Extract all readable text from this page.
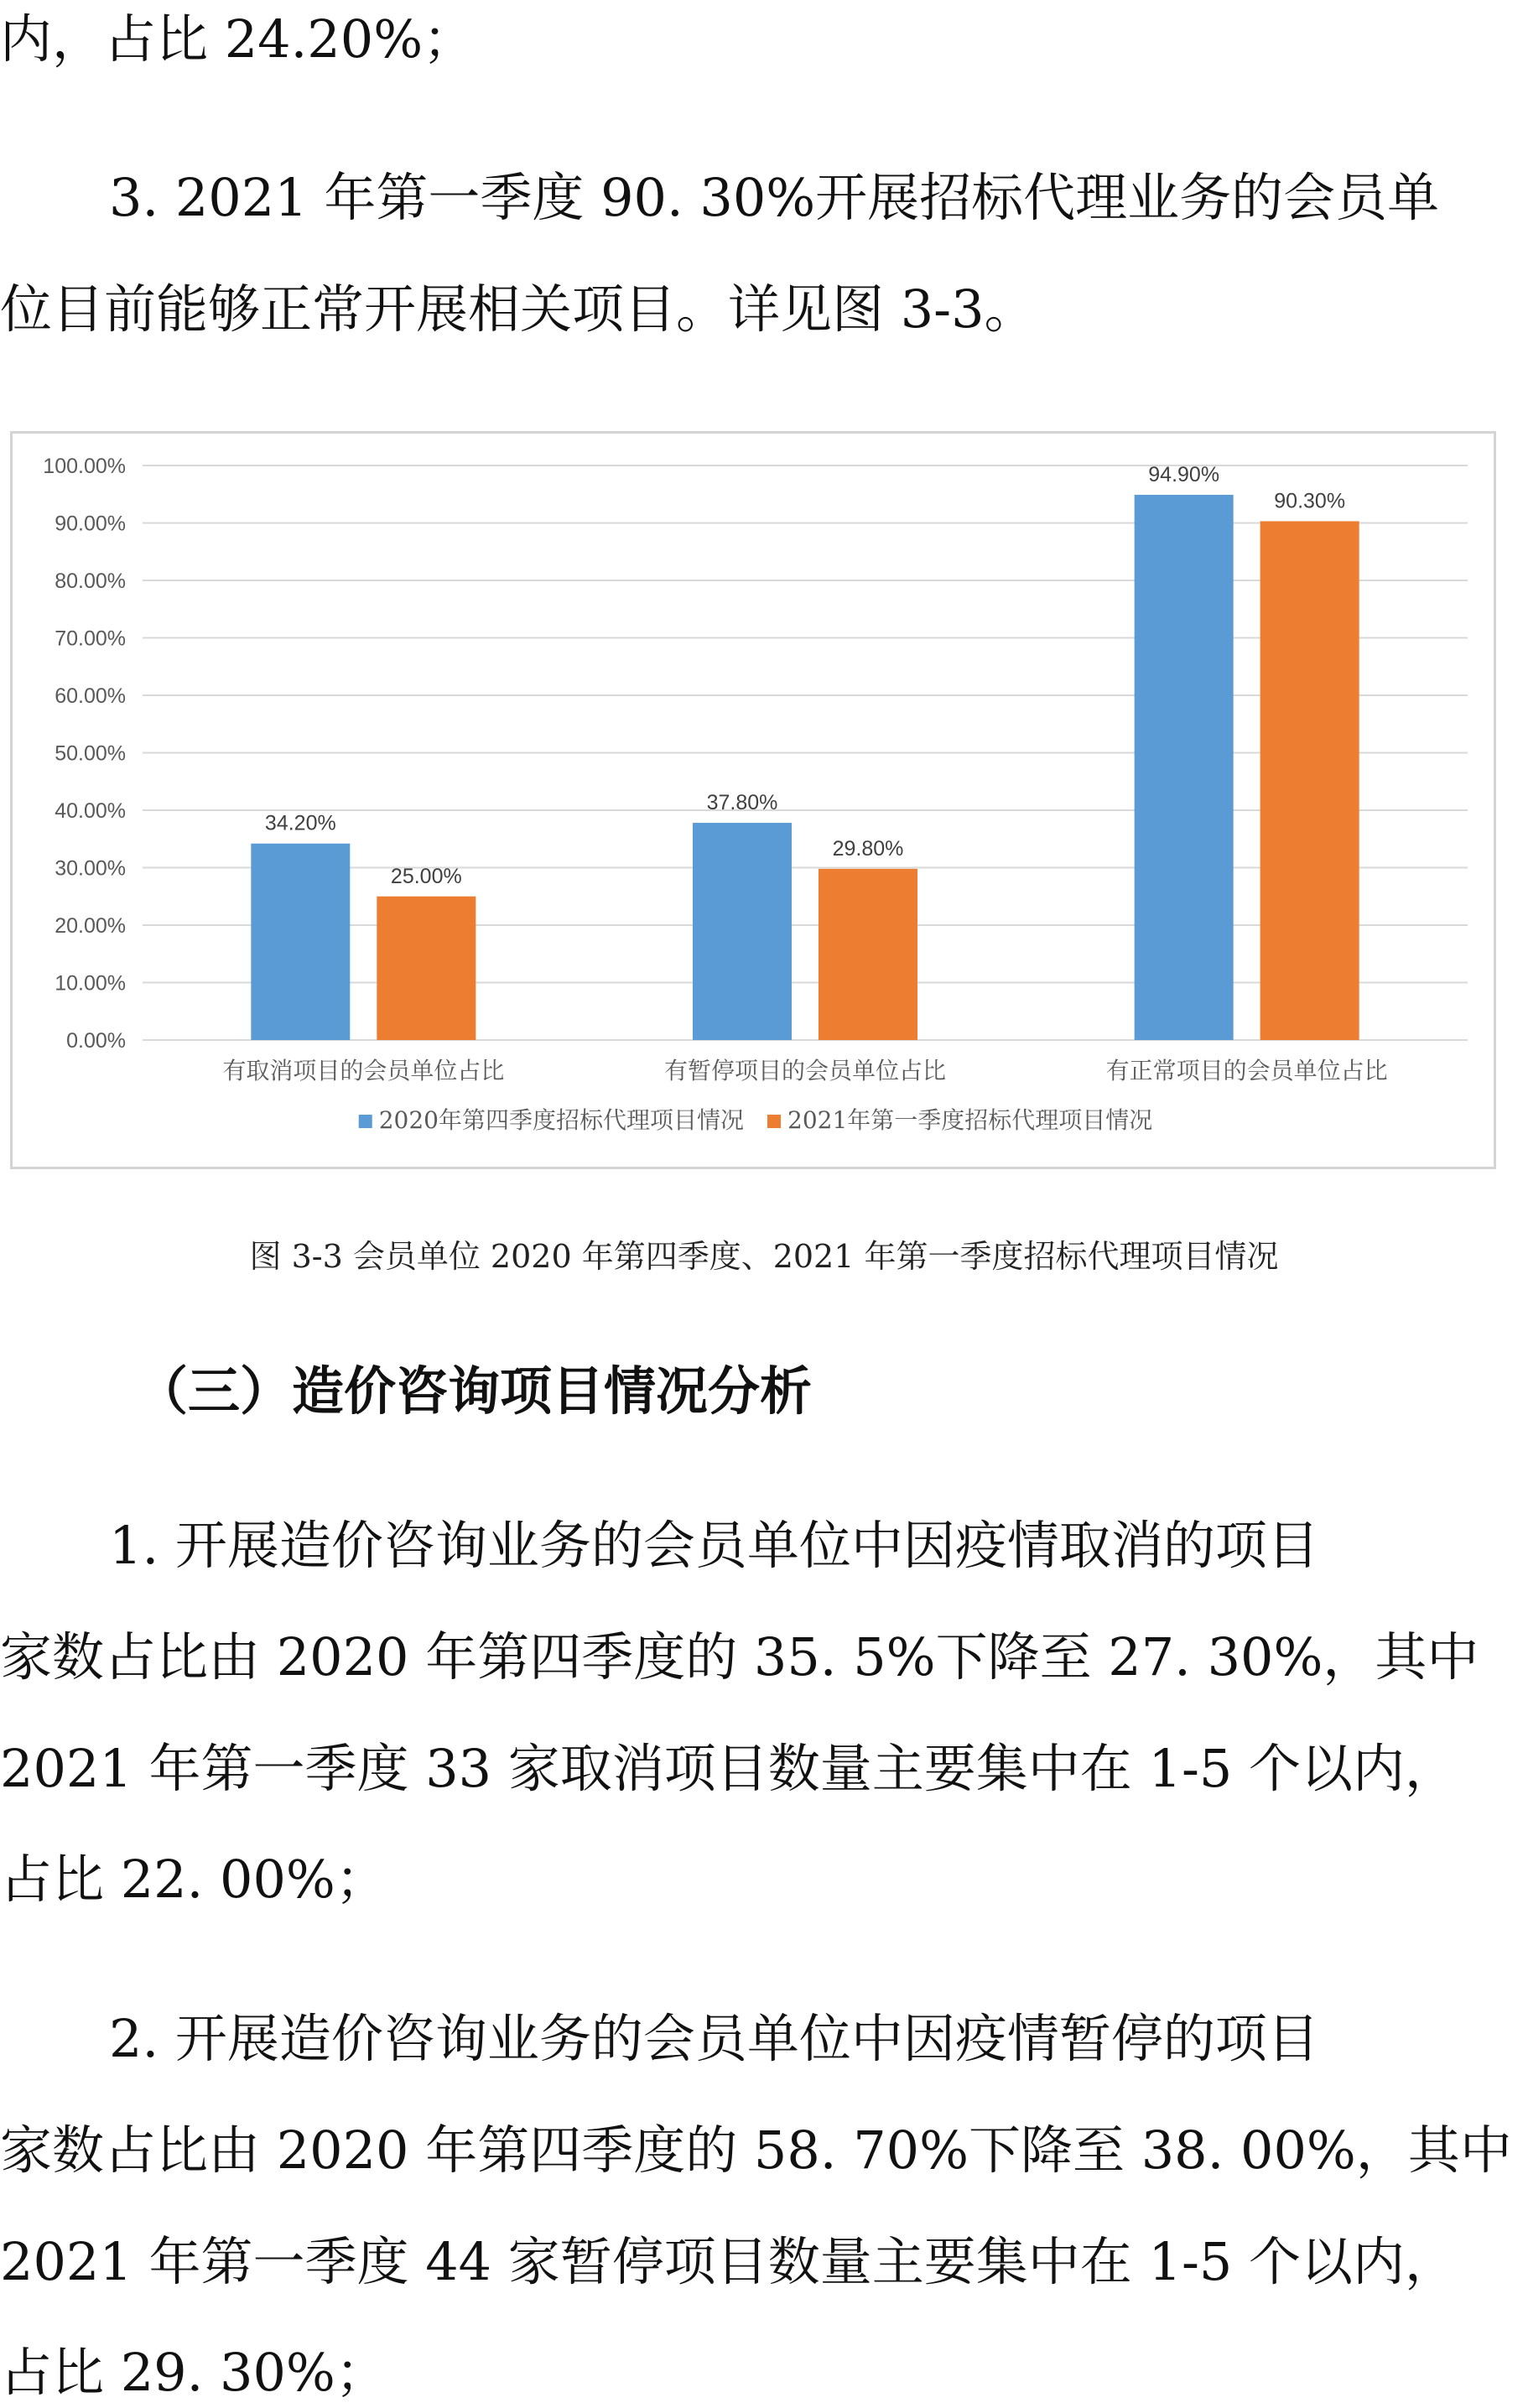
内，占比 24.20%；

3. 2021 年第一季度 90. 30%开展招标代理业务的会员单

位目前能够正常开展相关项目。详见图 3-3。

0.00%
10.00%
20.00%
30.00%
40.00%
50.00%
60.00%
70.00%
80.00%
90.00%
100.00%
34.20%
25.00%
有取消项目的会员单位占比
37.80%
29.80%
有暂停项目的会员单位占比
94.90%
90.30%
有正常项目的会员单位占比
2020年第四季度招标代理项目情况 2021年第一季度招标代理项目情况

图 3-3 会员单位 2020 年第四季度、2021 年第一季度招标代理项目情况

（三）造价咨询项目情况分析

1. 开展造价咨询业务的会员单位中因疫情取消的项目

家数占比由 2020 年第四季度的 35. 5%下降至 27. 30%，其中

2021 年第一季度 33 家取消项目数量主要集中在 1-5 个以内，

占比 22. 00%；

2. 开展造价咨询业务的会员单位中因疫情暂停的项目

家数占比由 2020 年第四季度的 58. 70%下降至 38. 00%，其中

2021 年第一季度 44 家暂停项目数量主要集中在 1-5 个以内，

占比 29. 30%；
